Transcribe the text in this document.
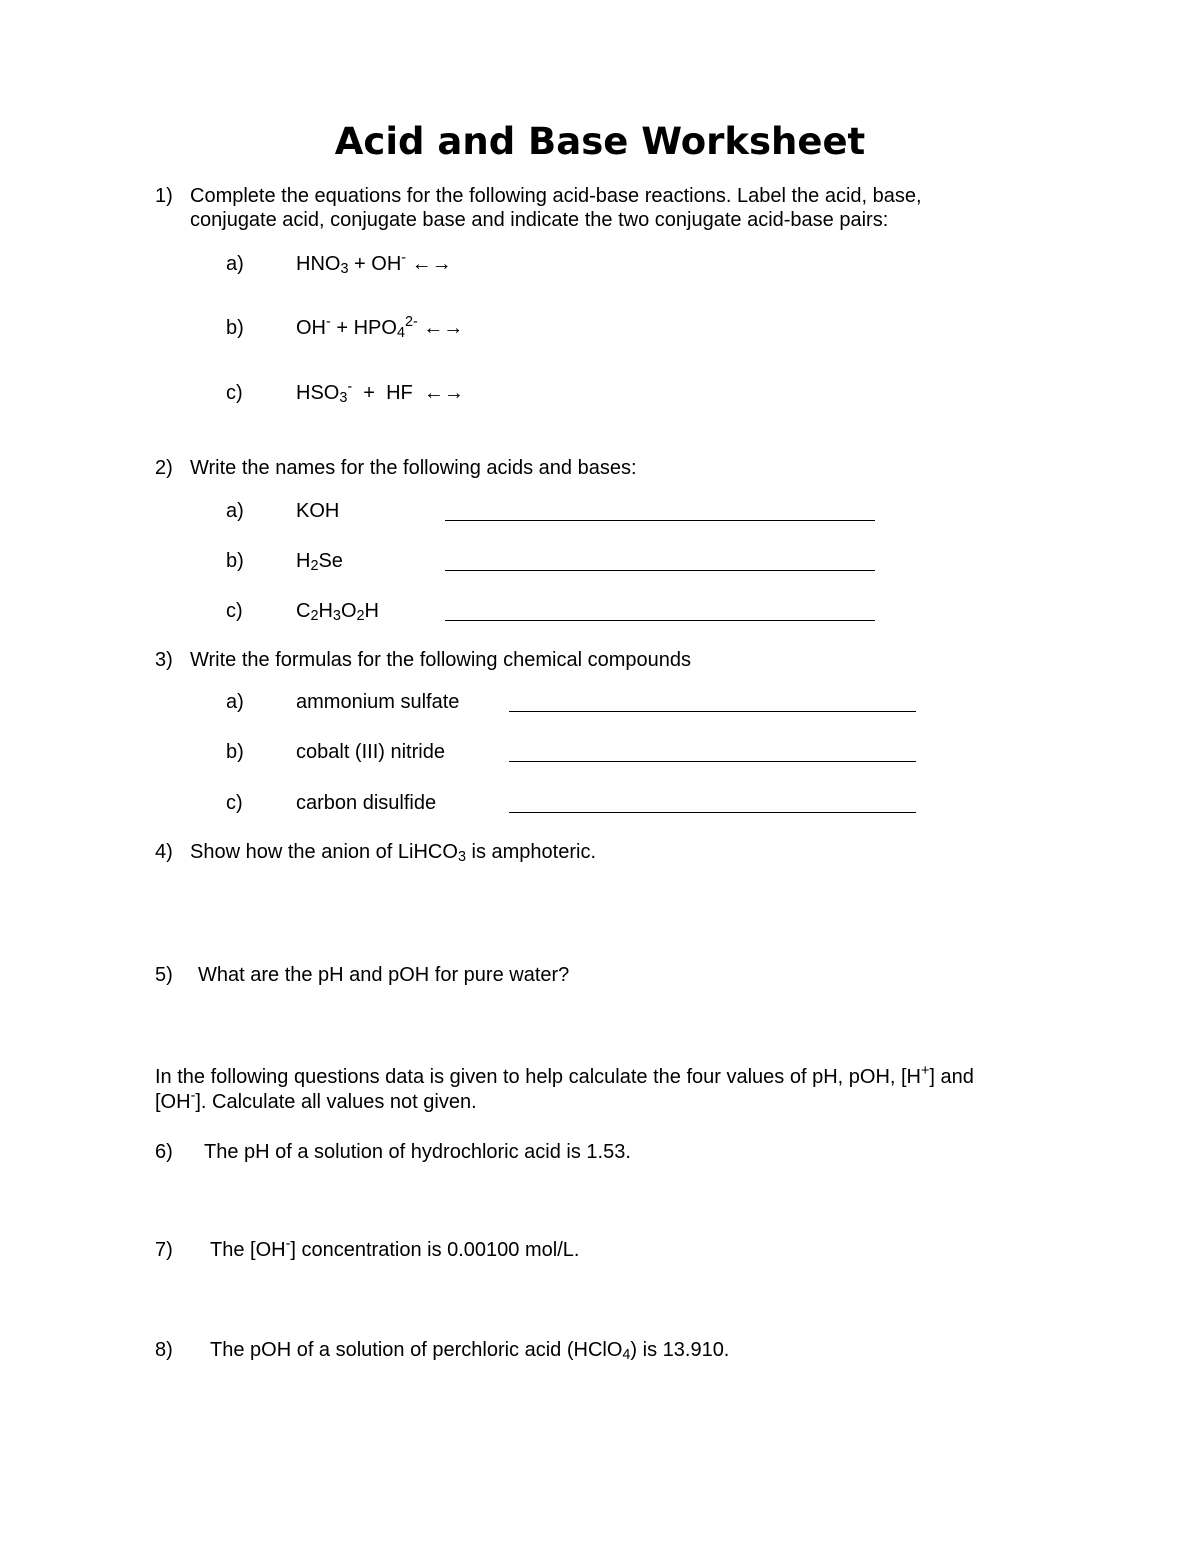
Acid and Base Worksheet
1) Complete the equations for the following acid-base reactions. Label the acid, base,
conjugate acid, conjugate base and indicate the two conjugate acid-base pairs:
a)	$HNO_3 + OH^-$ ←→
b)	$OH^- + HPO_4^{2-}$ ←→
c)	$HSO_3^-$  +  HF  ←→
2) Write the names for the following acids and bases:
a)	KOH
b)	$H_2Se$
c)	$C_2H_3O_2H$
3) Write the formulas for the following chemical compounds
a)	ammonium sulfate
b)	cobalt (III) nitride
c)	carbon disulfide
4) Show how the anion of LiHCO$_3$ is amphoteric.
5) What are the pH and pOH for pure water?
In the following questions data is given to help calculate the four values of pH, pOH, [H+] and
[OH-]. Calculate all values not given.
6) The pH of a solution of hydrochloric acid is 1.53.
7) The [OH-] concentration is 0.00100 mol/L.
8) The pOH of a solution of perchloric acid (HClO$_4$) is 13.910.
